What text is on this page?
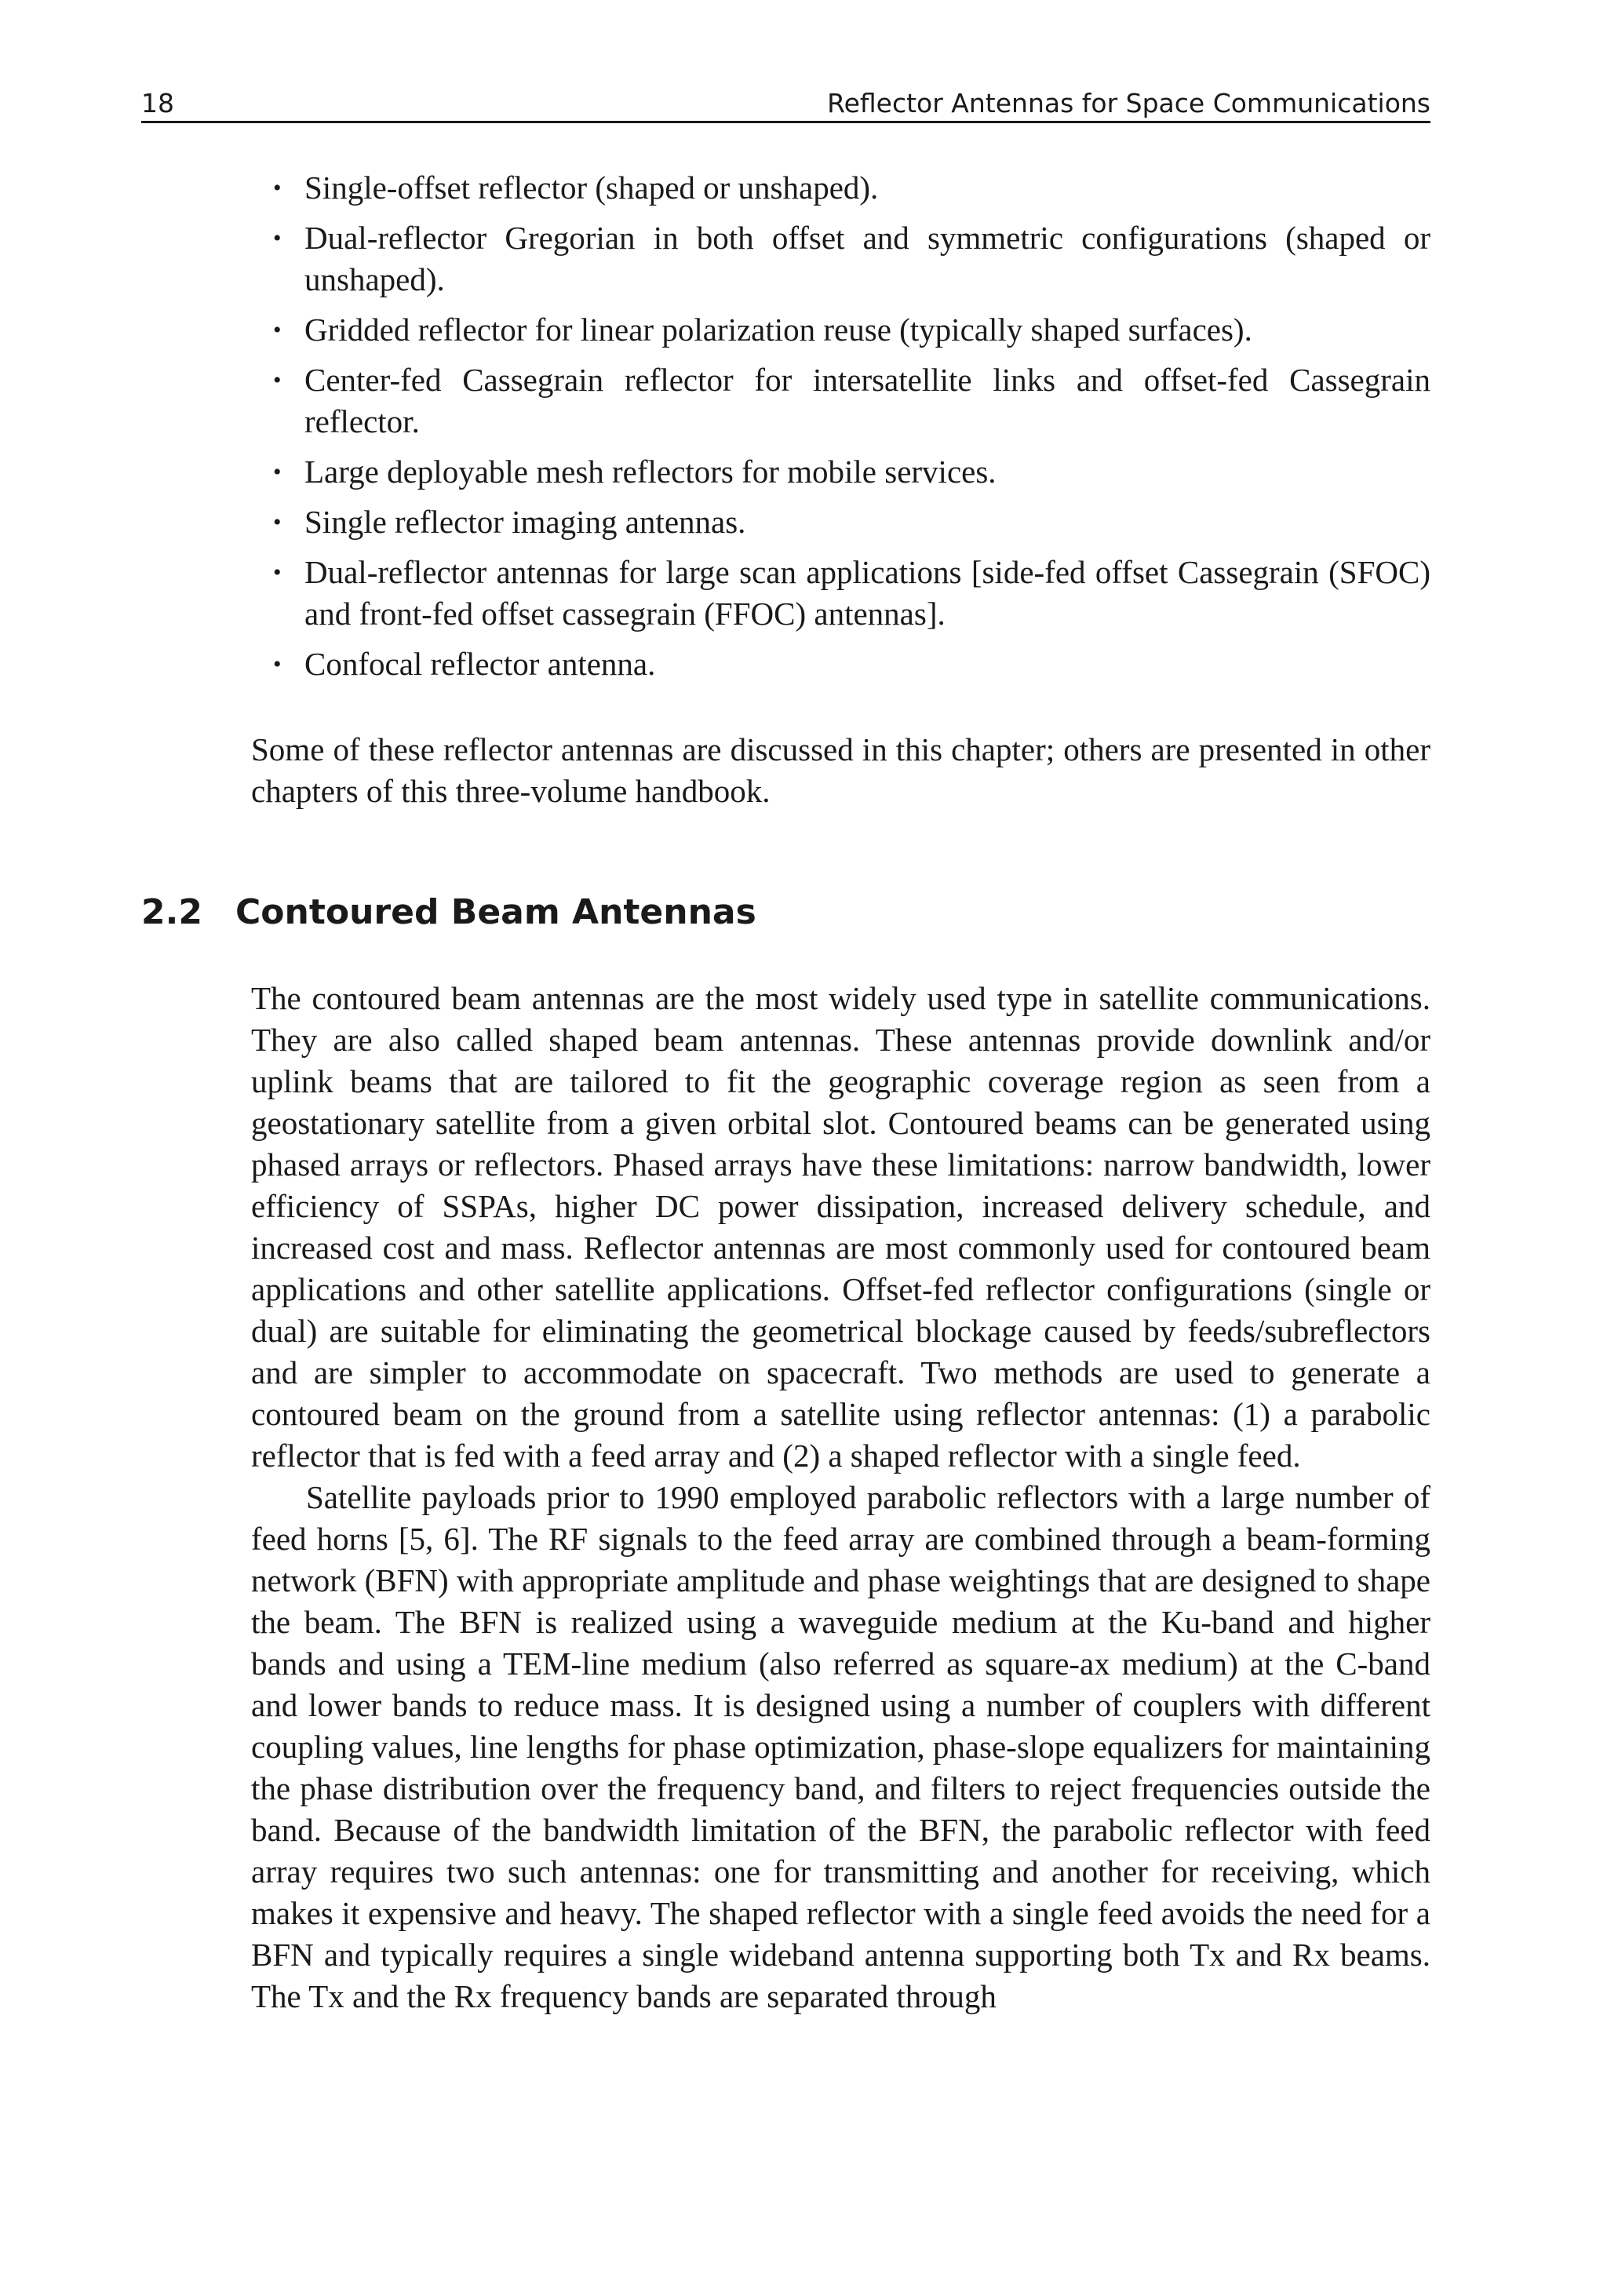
18	Reflector Antennas for Space Communications
• Single-offset reflector (shaped or unshaped).
• Dual-reflector Gregorian in both offset and symmetric configurations (shaped or unshaped).
• Gridded reflector for linear polarization reuse (typically shaped surfaces).
• Center-fed Cassegrain reflector for intersatellite links and offset-fed Cassegrain reflector.
• Large deployable mesh reflectors for mobile services.
• Single reflector imaging antennas.
• Dual-reflector antennas for large scan applications [side-fed offset Cassegrain (SFOC) and front-fed offset cassegrain (FFOC) antennas].
• Confocal reflector antenna.

Some of these reflector antennas are discussed in this chapter; others are presented in other chapters of this three-volume handbook.

2.2 Contoured Beam Antennas

The contoured beam antennas are the most widely used type in satellite communications. They are also called shaped beam antennas. These antennas provide downlink and/or uplink beams that are tailored to fit the geographic coverage region as seen from a geostationary satellite from a given orbital slot. Contoured beams can be generated using phased arrays or reflectors. Phased arrays have these limitations: narrow bandwidth, lower efficiency of SSPAs, higher DC power dissipation, increased delivery schedule, and increased cost and mass. Reflector antennas are most commonly used for contoured beam applications and other satellite applications. Offset-fed reflector configurations (single or dual) are suitable for eliminating the geometrical blockage caused by feeds/subreflectors and are simpler to accommodate on spacecraft. Two methods are used to generate a contoured beam on the ground from a satellite using reflector antennas: (1) a parabolic reflector that is fed with a feed array and (2) a shaped reflector with a single feed.

Satellite payloads prior to 1990 employed parabolic reflectors with a large number of feed horns [5, 6]. The RF signals to the feed array are combined through a beam-forming network (BFN) with appropriate amplitude and phase weightings that are designed to shape the beam. The BFN is realized using a waveguide medium at the Ku-band and higher bands and using a TEM-line medium (also referred as square-ax medium) at the C-band and lower bands to reduce mass. It is designed using a number of couplers with different coupling values, line lengths for phase optimization, phase-slope equalizers for maintaining the phase distribution over the frequency band, and filters to reject frequencies outside the band. Because of the bandwidth limitation of the BFN, the parabolic reflector with feed array requires two such antennas: one for transmitting and another for receiving, which makes it expensive and heavy. The shaped reflector with a single feed avoids the need for a BFN and typically requires a single wideband antenna supporting both Tx and Rx beams. The Tx and the Rx frequency bands are separated through
